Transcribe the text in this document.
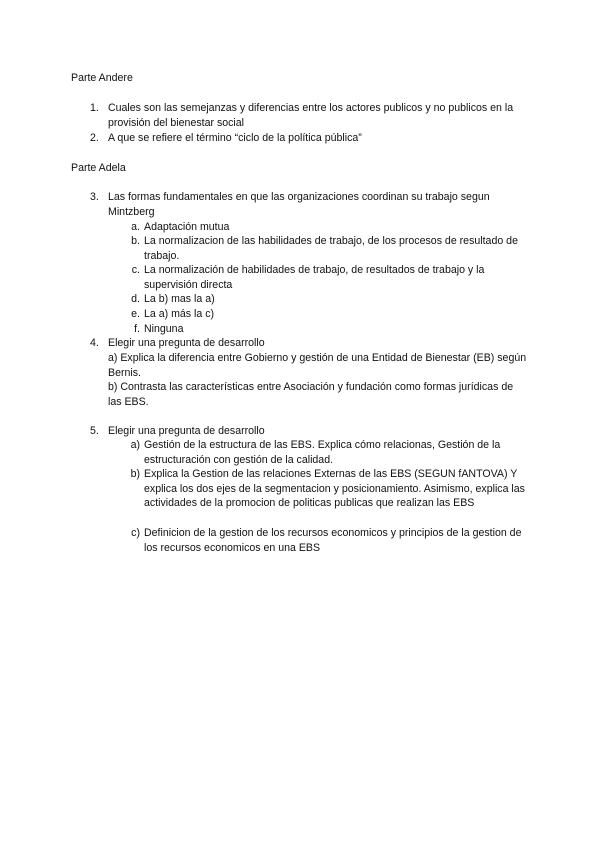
Parte Andere
1. Cuales son las semejanzas y diferencias entre los actores publicos y no publicos en la provisión del bienestar social
2. A que se refiere el término “ciclo de la política pública”
Parte Adela
3. Las formas fundamentales en que las organizaciones coordinan su trabajo segun Mintzberg
a. Adaptación mutua
b. La normalizacion de las habilidades de trabajo, de los procesos de resultado de trabajo.
c. La normalización de habilidades de trabajo, de resultados de trabajo y la supervisión directa
d. La b) mas la a)
e. La a) más la c)
f. Ninguna
4. Elegir una pregunta de desarrollo
a) Explica la diferencia entre Gobierno y gestión de una Entidad de Bienestar (EB) según Bernis.
b) Contrasta las características entre Asociación y fundación como formas jurídicas de las EBS.
5. Elegir una pregunta de desarrollo
a) Gestión de la estructura de las EBS. Explica cómo relacionas, Gestión de la estructuración con gestión de la calidad.
b) Explica la Gestion de las relaciones Externas de las EBS (SEGUN fANTOVA) Y explica los dos ejes de la segmentacion y posicionamiento. Asimismo, explica las actividades de la promocion de politicas publicas que realizan las EBS
c) Definicion de la gestion de los recursos economicos y principios de la gestion de los recursos economicos en una EBS
